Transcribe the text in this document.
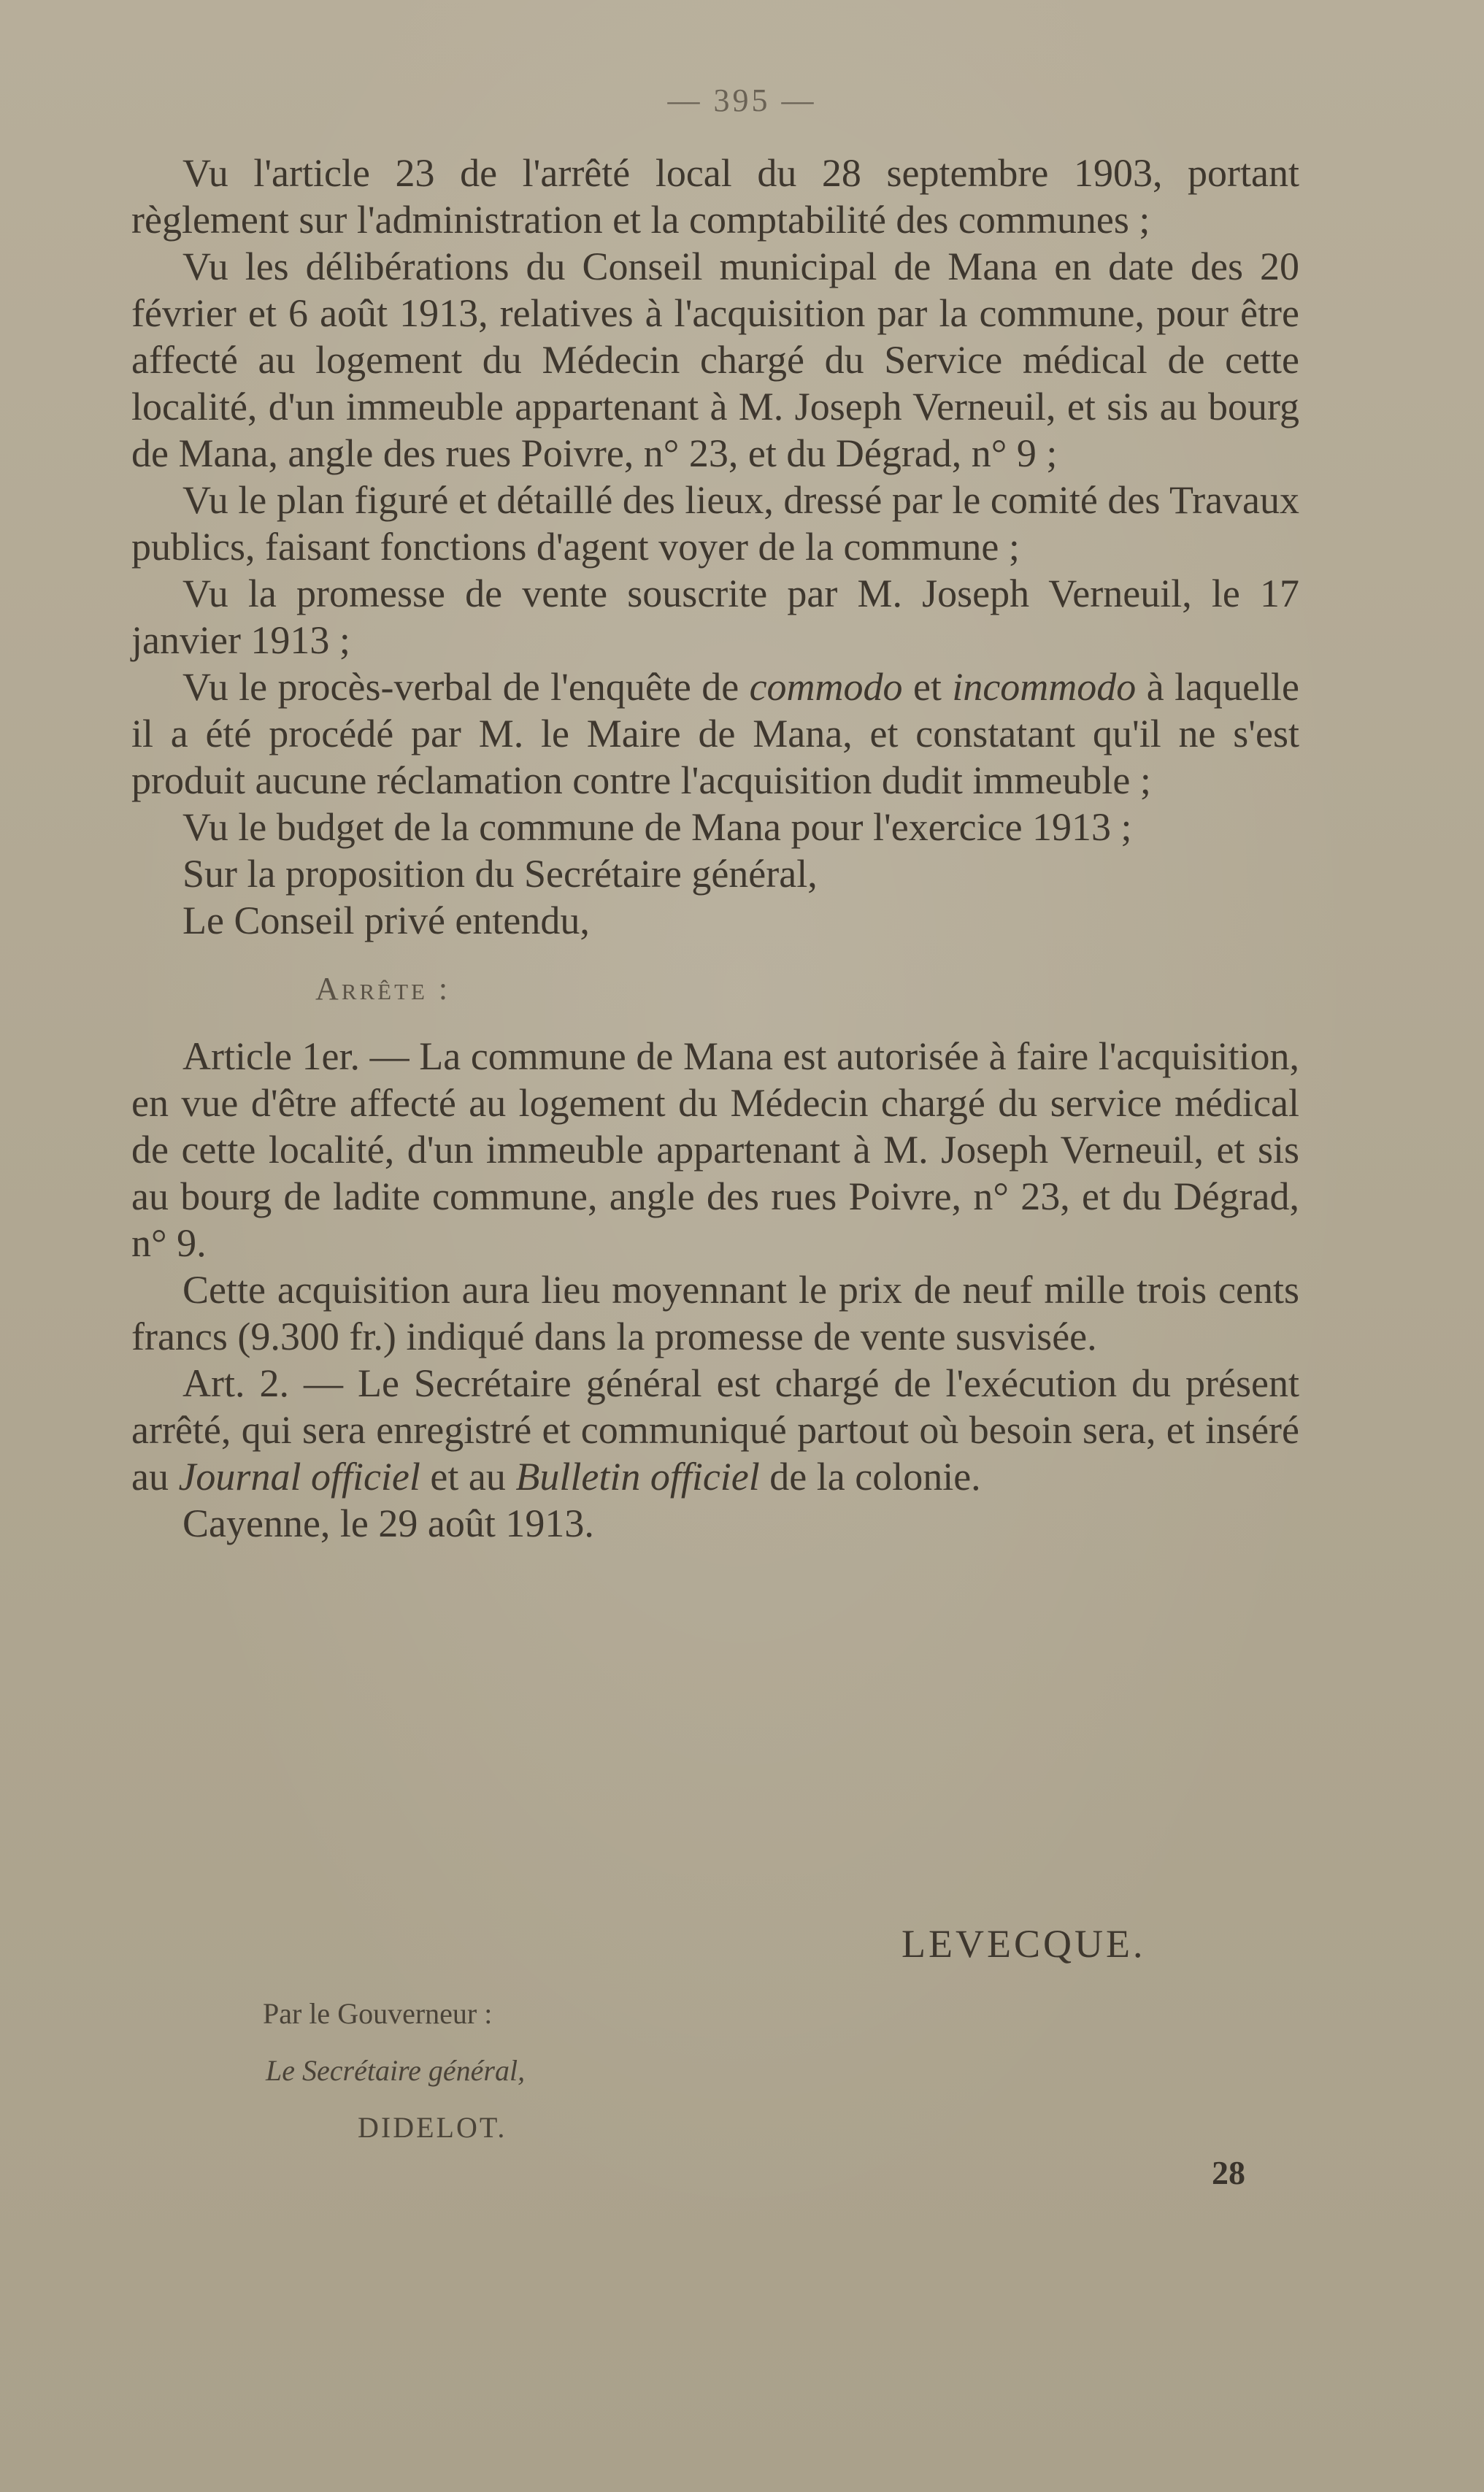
— 395 —

Vu l'article 23 de l'arrêté local du 28 septembre 1903, portant règlement sur l'administration et la comptabilité des communes ;

Vu les délibérations du Conseil municipal de Mana en date des 20 février et 6 août 1913, relatives à l'acquisition par la commune, pour être affecté au logement du Médecin chargé du Service médical de cette localité, d'un immeuble appartenant à M. Joseph Verneuil, et sis au bourg de Mana, angle des rues Poivre, n° 23, et du Dégrad, n° 9 ;

Vu le plan figuré et détaillé des lieux, dressé par le comité des Travaux publics, faisant fonctions d'agent voyer de la commune ;

Vu la promesse de vente souscrite par M. Joseph Verneuil, le 17 janvier 1913 ;

Vu le procès-verbal de l'enquête de commodo et incommodo à laquelle il a été procédé par M. le Maire de Mana, et constatant qu'il ne s'est produit aucune réclamation contre l'acquisition dudit immeuble ;

Vu le budget de la commune de Mana pour l'exercice 1913 ;

Sur la proposition du Secrétaire général,

Le Conseil privé entendu,

Arrête :

Article 1er. — La commune de Mana est autorisée à faire l'acquisition, en vue d'être affecté au logement du Médecin chargé du service médical de cette localité, d'un immeuble appartenant à M. Joseph Verneuil, et sis au bourg de ladite commune, angle des rues Poivre, n° 23, et du Dégrad, n° 9.

Cette acquisition aura lieu moyennant le prix de neuf mille trois cents francs (9.300 fr.) indiqué dans la promesse de vente susvisée.

Art. 2. — Le Secrétaire général est chargé de l'exécution du présent arrêté, qui sera enregistré et communiqué partout où besoin sera, et inséré au Journal officiel et au Bulletin officiel de la colonie.

Cayenne, le 29 août 1913.

LEVECQUE.
Par le Gouverneur :
Le Secrétaire général,
DIDELOT.
28
